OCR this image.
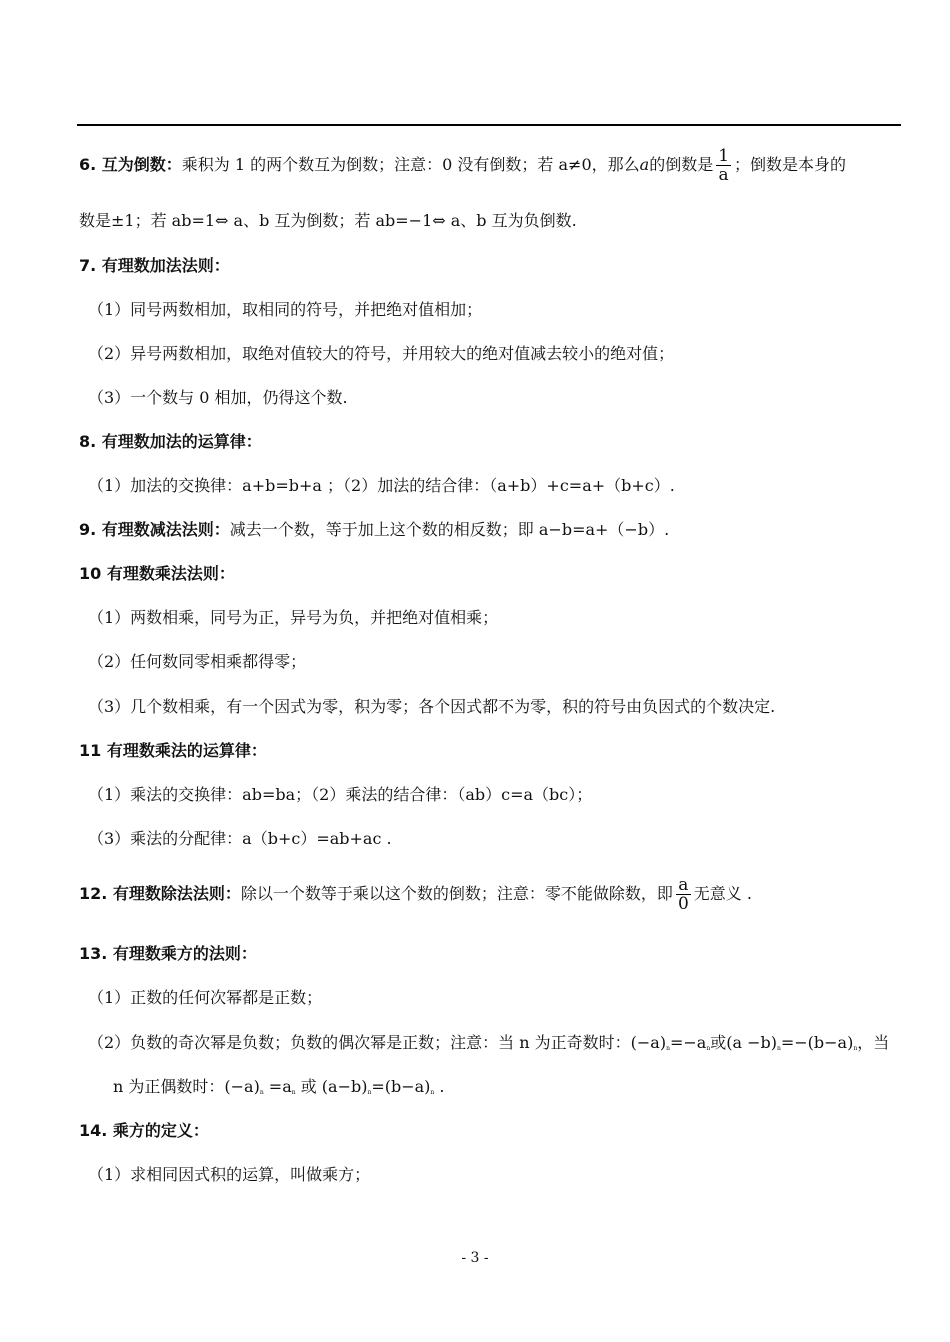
6. 互为倒数：乘积为 1 的两个数互为倒数；注意：0 没有倒数；若 a≠0，那么a的倒数是 $\frac{1}{a}$ ；倒数是本身的
数是±1；若 ab=1⇔ a、b 互为倒数；若 ab=−1⇔ a、b 互为负倒数.
7. 有理数加法法则：
（1）同号两数相加，取相同的符号，并把绝对值相加；
（2）异号两数相加，取绝对值较大的符号，并用较大的绝对值减去较小的绝对值；
（3）一个数与 0 相加，仍得这个数.
8. 有理数加法的运算律：
（1）加法的交换律：a+b=b+a ；（2）加法的结合律：（a+b）+c=a+（b+c）.
9. 有理数减法法则：减去一个数，等于加上这个数的相反数；即 a−b=a+（−b）.
10 有理数乘法法则：
（1）两数相乘，同号为正，异号为负，并把绝对值相乘；
（2）任何数同零相乘都得零；
（3）几个数相乘，有一个因式为零，积为零；各个因式都不为零，积的符号由负因式的个数决定.
11 有理数乘法的运算律：
（1）乘法的交换律：ab=ba；（2）乘法的结合律：（ab）c=a（bc）；
（3）乘法的分配律：a（b+c）=ab+ac .
12. 有理数除法法则：除以一个数等于乘以这个数的倒数；注意：零不能做除数，即 $\frac{a}{0}$ 无意义 .
13. 有理数乘方的法则：
（1）正数的任何次幂都是正数；
（2）负数的奇次幂是负数；负数的偶次幂是正数；注意：当 n 为正奇数时：$(-a)_n=-a_n$或$(a -b)_n=-(b-a)_n$，当
n 为正偶数时：$(-a)_n =a_n$ 或 $(a-b)_n=(b-a)_n$ .
14. 乘方的定义：
（1）求相同因式积的运算，叫做乘方；
- 3 -
